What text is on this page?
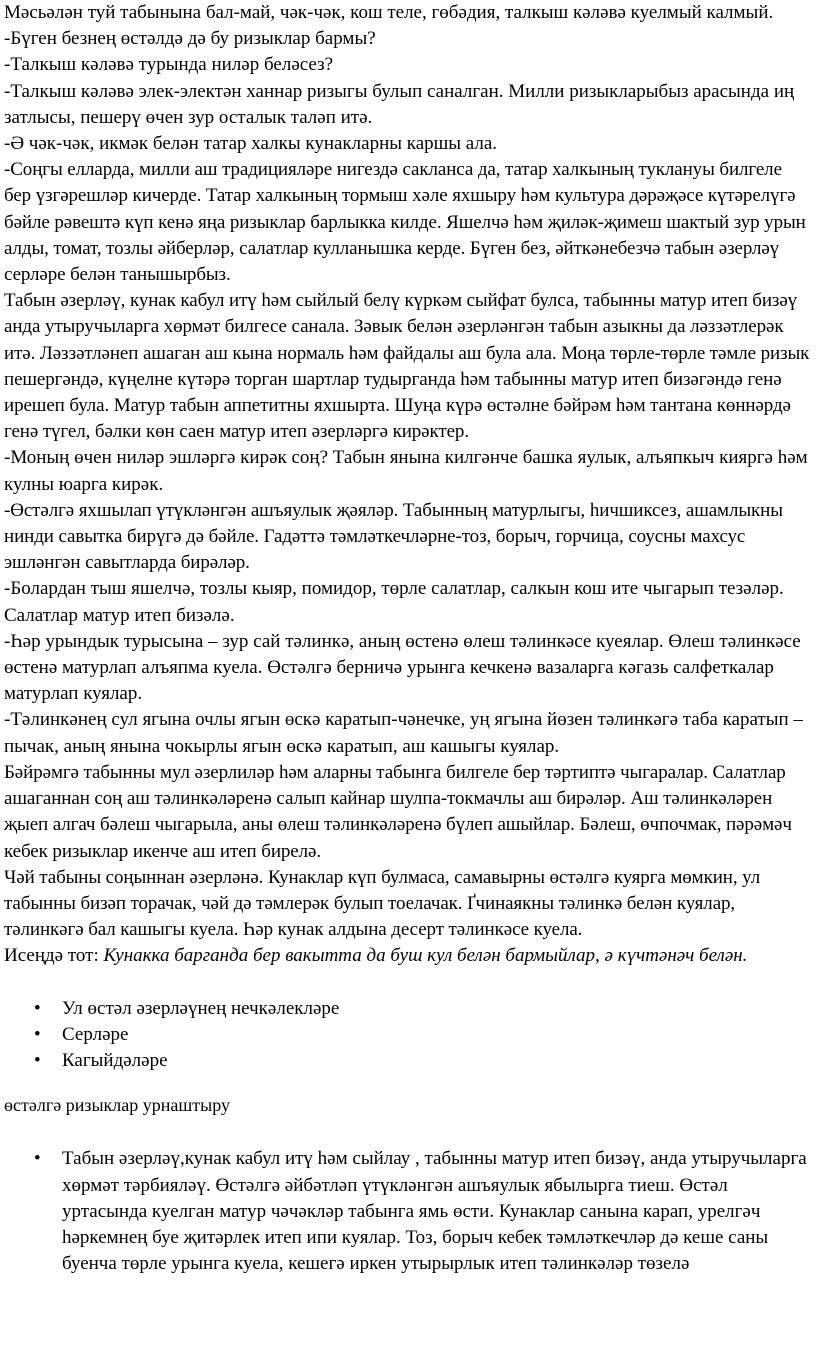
Мәсьәлән туй табынына бал-май, чәк-чәк, кош теле, гөбәдия, талкыш кәләвә куелмый калмый.

-Бүген безнең өстәлдә дә бу ризыклар бармы?

-Талкыш кәләвә турында ниләр беләсез?

-Талкыш кәләвә элек-электән ханнар ризыгы булып саналган. Милли ризыкларыбыз арасында иң затлысы, пешерү өчен зур осталык таләп итә.

-Ә чәк-чәк, икмәк белән татар халкы кунакларны каршы ала.

-Соңгы елларда, милли аш традицияләре нигездә сакланса да, татар халкының туклануы билгеле бер үзгәрешләр кичерде. Татар халкының тормыш хәле яхшыру һәм культура дәрәҗәсе күтәрелүгә бәйле рәвештә күп кенә яңа ризыклар барлыкка килде. Яшелчә һәм җиләк-җимеш шактый зур урын алды, томат, тозлы әйберләр, салатлар кулланышка керде. Бүген без, әйткәнебезчә табын әзерләү серләре белән танышырбыз.

Табын әзерләү, кунак кабул итү һәм сыйлый белү күркәм сыйфат булса, табынны матур итеп бизәү анда утыручыларга хөрмәт билгесе санала. Зәвык белән әзерләнгән табын азыкны да ләззәтлерәк итә. Ләззәтләнеп ашаган аш кына нормаль һәм файдалы аш була ала. Моңа төрле-төрле тәмле ризык пешергәндә, күңелне күтәрә торган шартлар тудырганда һәм табынны матур итеп бизәгәндә генә ирешеп була. Матур табын аппетитны яхшырта. Шуңа күрә өстәлне бәйрәм һәм тантана көннәрдә генә түгел, бәлки көн саен матур итеп әзерләргә кирәктер.

-Моның өчен ниләр эшләргә кирәк соң? Табын янына килгәнче башка яулык, алъяпкыч кияргә һәм кулны юарга кирәк.

-Өстәлгә яхшылап үтүкләнгән ашъяулык җәяләр. Табынның матурлыгы, һичшиксез, ашамлыкны нинди савытка бирүгә дә бәйле. Гадәттә тәмләткечләрне-тоз, борыч, горчица, соусны махсус эшләнгән савытларда бирәләр.

-Болардан тыш яшелчә, тозлы кыяр, помидор, төрле салатлар, салкын кош ите чыгарып тезәләр. Салатлар матур итеп бизәлә.

-Һәр урындык турысына – зур сай тәлинкә, аның өстенә өлеш тәлинкәсе куеялар. Өлеш тәлинкәсе өстенә матурлап алъяпма куела. Өстәлгә берничә урынга кечкенә вазаларга кәгазь салфеткалар матурлап куялар.

-Тәлинкәнең сул ягына очлы ягын өскә каратып-чәнечке, уң ягына йөзен тәлинкәгә таба каратып – пычак, аның янына чокырлы ягын өскә каратып, аш кашыгы куялар.

Бәйрәмгә табынны мул әзерлиләр һәм аларны табынга билгеле бер тәртиптә чыгаралар. Салатлар ашаганнан соң аш тәлинкәләренә салып кайнар шулпа-токмачлы аш бирәләр. Аш тәлинкәләрен җыеп алгач бәлеш чыгарыла, аны өлеш тәлинкәләренә бүлеп ашыйлар. Бәлеш, өчпочмак, пәрәмәч кебек ризыклар икенче аш итеп бирелә.

Чәй табыны соңыннан әзерләнә. Кунаклар күп булмаса, самавырны өстәлгә куярга мөмкин, ул табынны бизәп торачак, чәй дә тәмлерәк булып тоелачак. Ґчинаякны тәлинкә белән куялар, тәлинкәгә бал кашыгы куела. Һәр кунак алдына десерт тәлинкәсе куела.

Исеңдә тот: Кунакка барганда бер вакытта да буш кул белән бармыйлар, ә күчтәнәч белән.

• Ул өстәл әзерләүнең нечкәлекләре
• Серләре
• Кагыйдәләре

өстәлгә ризыклар урнаштыру

• Табын әзерләү,кунак кабул итү һәм сыйлау , табынны матур итеп бизәү, анда утыручыларга хөрмәт тәрбияләү. Өстәлгә әйбәтләп үтүкләнгән ашъяулык ябылырга тиеш. Өстәл уртасында куелган матур чәчәкләр табынга ямь өсти. Кунаклар санына карап, урелгәч һәркемнең буе җитәрлек итеп ипи куялар. Тоз, борыч кебек тәмләткечләр дә кеше саны буенча төрле урынга куела, кешегә иркен утырырлык итеп тәлинкәләр төзелә
